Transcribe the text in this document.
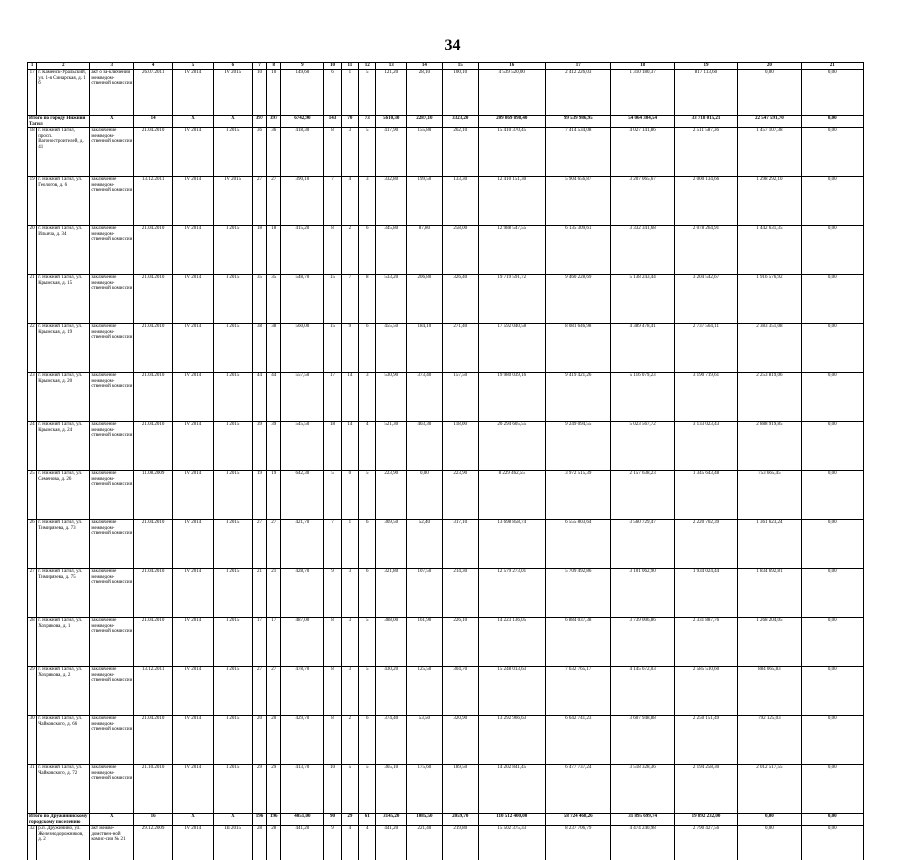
34
1	2	3	4	5	6	7	8	9	10	11	12	13	14	15	16	17	18	19	20	21
17	г. Каменск-Уральский, ул. 1-я Синарская, д. 1 б	акт о за-ключении межведом-ственной комиссии	26.07.2011	IV 2014	IV 2015	10	10	149,60	6	1	5	121,20	28,10	100,10	4 539 520,00	2 412 226,03	1 310 180,37	817 113,60	0,00	0,00
Итого по городу Нижний Тагил		X	14	X	X	397	397	6742,90	143	70	73	5610,30	2287,10	3323,20	209 869 898,40	99 539 986,95	54 064 304,54	33 718 015,21	22 547 591,70	0,00
18	г. Нижний Тагил, просп. Вагоностроителей, д. 41	заключение межведом-ственной комиссии	21.04.2010	IV 2014	I 2015	36	36	418,30	8	3	5	417,90	155,80	262,10	15 410 370,45	7 414 534,08	4 027 141,86	2 511 587,36	1 457 107,38	0,00
19	г. Нижний Тагил, ул. Геологов, д. 6	заключение межведом-ственной комиссии	13.12.2011	IV 2014	IV 2015	27	27	390,10	7	4	3	332,80	199,50	133,30	12 410 151,30	5 904 656,87	3 207 065,67	2 000 134,66	1 298 292,10	0,00
20	г. Нижний Тагил, ул. Ильича, д. 34	заключение межведом-ственной комиссии	21.04.2010	IV 2014	I 2015	18	18	415,20	8	2	6	345,80	87,80	258,00	12 988 547,55	6 135 309,61	3 332 341,68	2 078 264,91	1 442 631,35	0,00
21	г. Нижний Тагил, ул. Крымская, д. 15	заключение межведом-ственной комиссии	21.04.2010	IV 2014	I 2015	35	35	548,70	15	7	8	533,20	206,80	326,40	19 719 591,72	9 460 228,69	5 138 243,44	3 204 542,67	1 916 576,92	0,00
22	г. Нижний Тагил, ул. Крымская, д. 19	заключение межведом-ственной комиссии	21.04.2010	IV 2014	I 2015	38	38	560,00	15	9	6	455,50	184,10	271,40	17 592 040,58	8 081 646,98	4 389 478,41	2 737 564,11	2 383 351,08	0,00
23	г. Нижний Тагил, ул. Крымская, д. 20	заключение межведом-ственной комиссии	21.04.2010	IV 2014	I 2015	44	44	557,50	17	14	3	530,90	373,40	157,50	19 980 039,16	9 419 421,26	5 116 079,23	3 190 719,61	2 253 819,06	0,00
24	г. Нижний Тагил, ул. Крымская, д. 24	заключение межведом-ственной комиссии	21.04.2010	IV 2014	I 2015	39	39	545,50	18	14	4	521,30	403,30	118,00	20 294 605,55	9 249 094,55	5 023 567,72	3 133 023,43	2 888 919,85	0,00
25	г. Нижний Тагил, ул. Семенова, д. 26	заключение межведом-ственной комиссии	11.08.2009	IV 2014	I 2015	19	19	642,30	5	0	5	223,90	0,00	223,90	8 229 462,55	3 972 515,39	2 157 638,23	1 345 643,48	753 665,45	0,00
26	г. Нижний Тагил, ул. Тимирязева, д. 73	заключение межведом-ственной комиссии	21.04.2010	IV 2014	I 2015	27	27	421,70	7	1	6	369,50	52,40	317,10	13 698 858,74	6 555 803,64	3 560 729,47	2 220 702,39	1 361 623,24	0,00
27	г. Нижний Тагил, ул. Тимирязева, д. 75	заключение межведом-ственной комиссии	21.04.2010	IV 2014	I 2015	21	21	428,70	9	3	6	321,80	107,50	214,30	12 579 273,01	5 709 492,86	3 101 062,90	1 934 024,44	1 834 692,81	0,00
28	г. Нижний Тагил, ул. Хохрякова, д. 1	заключение межведом-ственной комиссии	21.04.2010	IV 2014	I 2015	17	17	487,00	8	3	5	388,00	161,90	226,10	14 223 136,05	6 884 037,38	3 739 006,86	2 331 887,76	1 268 204,05	0,00
29	г. Нижний Тагил, ул. Хохрякова, д. 2	заключение межведом-ственной комиссии	13.12.2011	IV 2014	I 2015	27	27	478,70	8	3	5	430,20	125,50	304,70	15 248 013,63	7 632 765,17	4 145 672,03	2 585 510,60	884 065,83	0,00
30	г. Нижний Тагил, ул. Чайковского, д. 66	заключение межведом-ственной комиссии	21.04.2010	IV 2014	I 2015	20	20	429,70	8	2	6	374,40	53,50	320,90	13 292 966,63	6 642 741,23	3 607 948,88	2 250 151,49	792 125,03	0,00
31	г. Нижний Тагил, ул. Чайковского, д. 72	заключение межведом-ственной комиссии	21.10.2010	IV 2014	I 2015	29	29	413,70	10	5	5	365,10	175,60	189,50	14 202 841,45	6 477 737,24	3 518 328,36	2 194 258,30	2 012 517,55	0,00
Итого по Дружининскому городскому поселению		X	16	X	X	196	196	4051,00	90	29	61	3145,20	1085,50	2059,70	110 512 400,00	58 724 468,26	31 895 699,74	19 892 232,00	0,00	0,00
32	р.п. Дружинино, ул. Железнодорожников, д. 2	акт межве-домствен-ной комис-сии № 21	29.12.2009	IV 2014	III 2015	28	28	441,20	9	4	4	441,20	221,40	219,80	15 502 375,33	8 237 706,79	4 474 240,98	2 790 427,56	0,00	0,00
